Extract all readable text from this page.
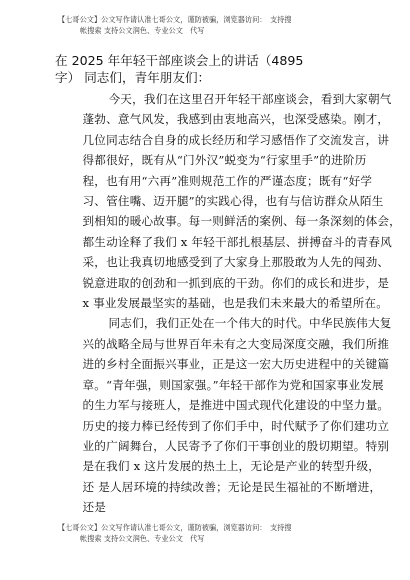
【七哥公文】公文写作请认准七哥公文，谨防被骗，浏览器访问：　支持搜
帐搜索 支持公文润色、专业公文　代写
在 2025 年年轻干部座谈会上的讲话（4895
字） 同志们，青年朋友们：

今天，我们在这里召开年轻干部座谈会，看到大家朝气
蓬勃、意气风发，我感到由衷地高兴，也深受感染。刚才，
几位同志结合自身的成长经历和学习感悟作了交流发言，讲
得都很好，既有从“门外汉”蜕变为“行家里手”的进阶历
程，也有用“六再”准则规范工作的严谨态度；既有“好学
习、管住嘴、迈开腿”的实践心得，也有与信访群众从陌生
到相知的暖心故事。每一则鲜活的案例、每一条深刻的体会，
都生动诠释了我们 x 年轻干部扎根基层、拼搏奋斗的青春风
采，也让我真切地感受到了大家身上那股敢为人先的闯劲、
锐意进取的创劲和一抓到底的干劲。你们的成长和进步，是
x 事业发展最坚实的基础，也是我们未来最大的希望所在。

同志们，我们正处在一个伟大的时代。中华民族伟大复
兴的战略全局与世界百年未有之大变局深度交融，我们所推
进的乡村全面振兴事业，正是这一宏大历史进程中的关键篇
章。“青年强，则国家强。”年轻干部作为党和国家事业发展
的生力军与接班人，是推进中国式现代化建设的中坚力量。
历史的接力棒已经传到了你们手中，时代赋予了你们建功立
业的广阔舞台，人民寄予了你们干事创业的殷切期望。特别
是在我们 x 这片发展的热土上，无论是产业的转型升级，
还 是人居环境的持续改善；无论是民生福祉的不断增进，
还是

【七哥公文】公文写作请认准七哥公文，谨防被骗，浏览器访问：　支持搜
帐搜索 支持公文润色、专业公文　代写
